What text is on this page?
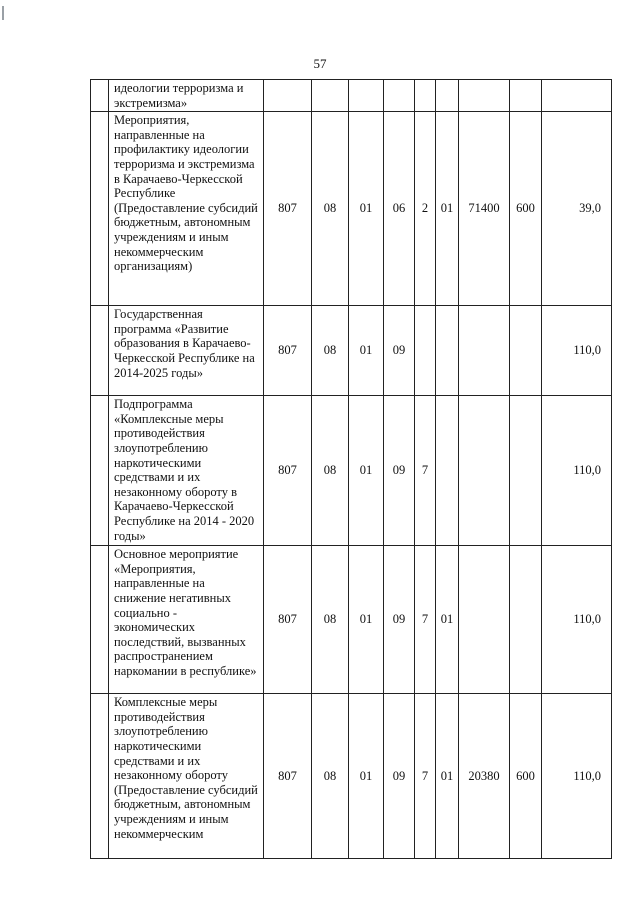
57
	идеологии терроризма и экстремизма»									
	Мероприятия, направленные на профилактику идеологии терроризма и экстремизма в Карачаево-Черкесской Республике (Предоставление субсидий бюджетным, автономным учреждениям и иным некоммерческим организациям)	807	08	01	06	2	01	71400	600	39,0
	Государственная программа «Развитие образования в Карачаево-Черкесской Республике на 2014-2025 годы»	807	08	01	09					110,0
	Подпрограмма «Комплексные меры противодействия злоупотреблению наркотическими средствами и их незаконному обороту в Карачаево-Черкесской Республике на 2014 - 2020 годы»	807	08	01	09	7				110,0
	Основное мероприятие «Мероприятия, направленные на снижение негативных социально - экономических последствий, вызванных распространением наркомании в республике»	807	08	01	09	7	01			110,0
	Комплексные меры противодействия злоупотреблению наркотическими средствами и их незаконному обороту (Предоставление субсидий бюджетным, автономным учреждениям и иным некоммерческим	807	08	01	09	7	01	20380	600	110,0
